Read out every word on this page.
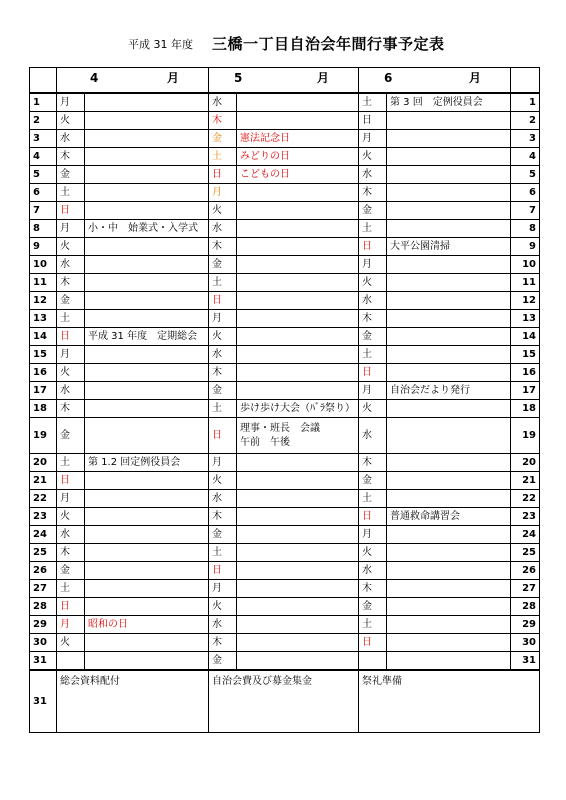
平成 31 年度 三橋一丁目自治会年間行事予定表

	4 月		5 月		6 月		

1	月		水		土	第 3 回　定例役員会	1
2	火		木		日		2
3	水		金	憲法記念日	月		3
4	木		土	みどりの日	火		4
5	金		日	こどもの日	水		5
6	土		月		木		6
7	日		火		金		7
8	月	小・中　始業式・入学式	水		土		8
9	火		木		日	大平公園清掃	9
10	水		金		月		10
11	木		土		火		11
12	金		日		水		12
13	土		月		木		13
14	日	平成 31 年度　定期総会	火		金		14
15	月		水		土		15
16	火		木		日		16
17	水		金		月	自治会だより発行	17
18	木		土	歩け歩け大会（ﾊﾞﾗ祭り）	火		18
19	金		日	理事・班長　会議
午前　午後	水		19
20	土	第 1.2 回定例役員会	月		木		20
21	日		火		金		21
22	月		水		土		22
23	火		木		日	普通救命講習会	23
24	水		金		月		24
25	木		土		火		25
26	金		日		水		26
27	土		月		木		27
28	日		火		金		28
29	月	昭和の日	水		土		29
30	火		木		日		30
31			金				31
31	総会資料配付		自治会費及び募金集金		祭礼準備		
